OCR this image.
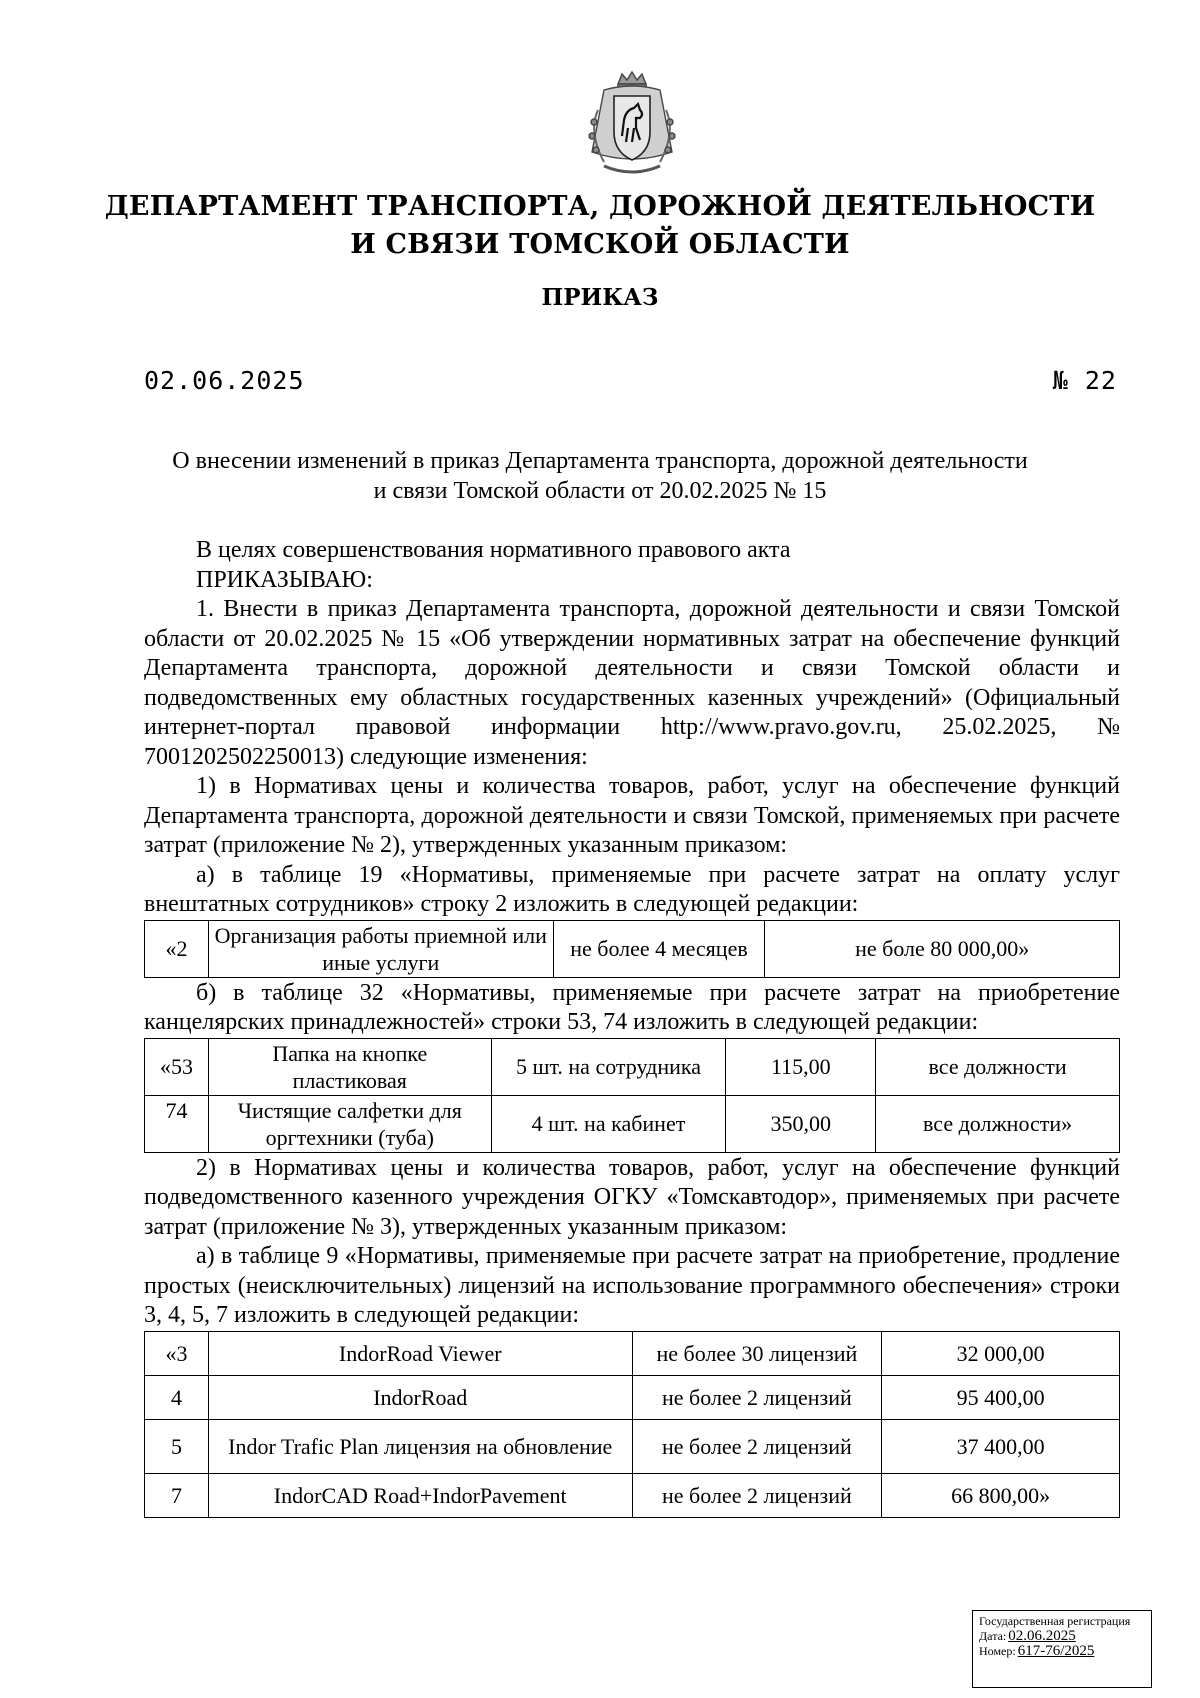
ДЕПАРТАМЕНТ ТРАНСПОРТА, ДОРОЖНОЙ ДЕЯТЕЛЬНОСТИ
И СВЯЗИ ТОМСКОЙ ОБЛАСТИ
ПРИКАЗ
02.06.2025	№ 22
О внесении изменений в приказ Департамента транспорта, дорожной деятельности и связи Томской области от 20.02.2025 № 15

В целях совершенствования нормативного правового акта

ПРИКАЗЫВАЮ:

1. Внести в приказ Департамента транспорта, дорожной деятельности и связи Томской области от 20.02.2025 № 15 «Об утверждении нормативных затрат на обеспечение функций Департамента транспорта, дорожной деятельности и связи Томской области и подведомственных ему областных государственных казенных учреждений» (Официальный интернет-портал правовой информации http://www.pravo.gov.ru, 25.02.2025, № 7001202502250013) следующие изменения:

1) в Нормативах цены и количества товаров, работ, услуг на обеспечение функций Департамента транспорта, дорожной деятельности и связи Томской, применяемых при расчете затрат (приложение № 2), утвержденных указанным приказом:

а) в таблице 19 «Нормативы, применяемые при расчете затрат на оплату услуг внештатных сотрудников» строку 2 изложить в следующей редакции:

«2	Организация работы приемной или иные услуги	не более 4 месяцев	не боле 80 000,00»

б) в таблице 32 «Нормативы, применяемые при расчете затрат на приобретение канцелярских принадлежностей» строки 53, 74 изложить в следующей редакции:

«53	Папка на кнопке пластиковая	5 шт. на сотрудника	115,00	все должности
74	Чистящие салфетки для оргтехники (туба)	4 шт. на кабинет	350,00	все должности»

2) в Нормативах цены и количества товаров, работ, услуг на обеспечение функций подведомственного казенного учреждения ОГКУ «Томскавтодор», применяемых при расчете затрат (приложение № 3), утвержденных указанным приказом:

а) в таблице 9 «Нормативы, применяемые при расчете затрат на приобретение, продление простых (неисключительных) лицензий на использование программного обеспечения» строки 3, 4, 5, 7 изложить в следующей редакции:

«3	IndorRoad Viewer	не более 30 лицензий	32 000,00
4	IndorRoad	не более 2 лицензий	95 400,00
5	Indor Trafic Plan лицензия на обновление	не более 2 лицензий	37 400,00
7	IndorCAD Road+IndorPavement	не более 2 лицензий	66 800,00»
Государственная регистрация
Дата: 02.06.2025
Номер: 617-76/2025
